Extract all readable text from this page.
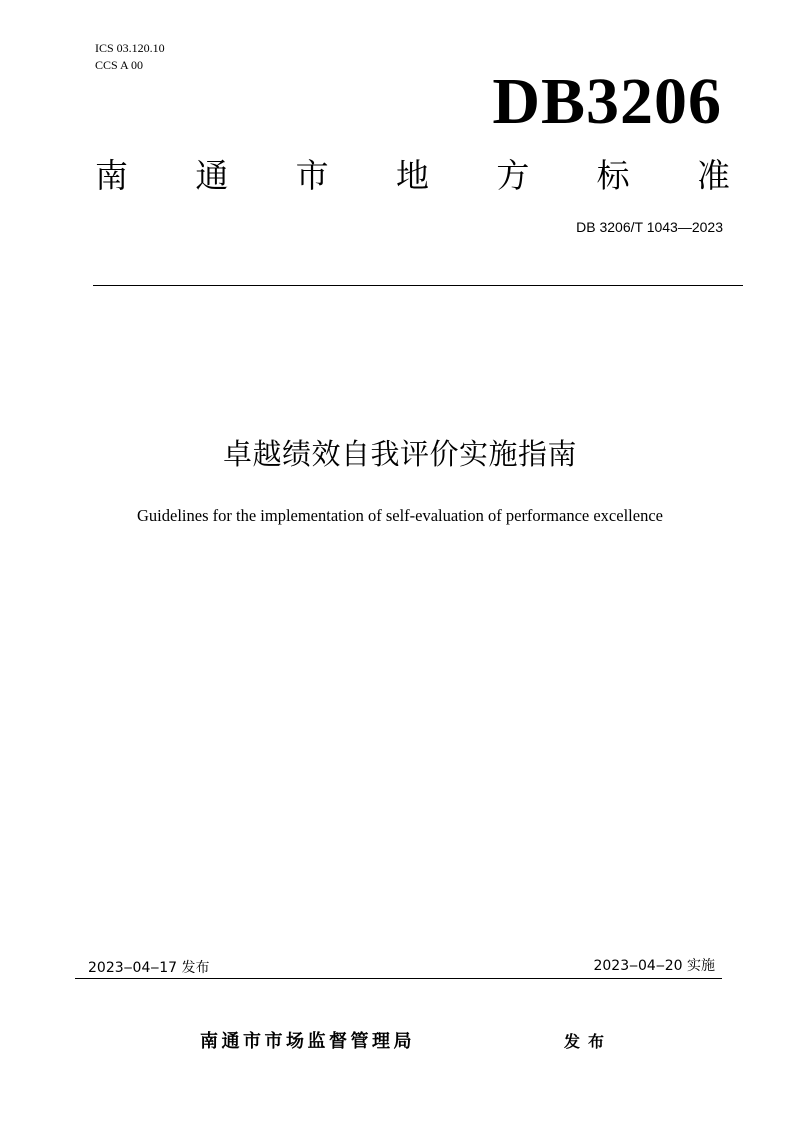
ICS 03.120.10
CCS A 00	DB3206
南 通 市 地 方 标 准
DB 3206/T 1043—2023
卓越绩效自我评价实施指南
Guidelines for the implementation of self-evaluation of performance excellence
2023‒04‒17 发布	2023‒04‒20 实施
南通市市场监督管理局	发布
